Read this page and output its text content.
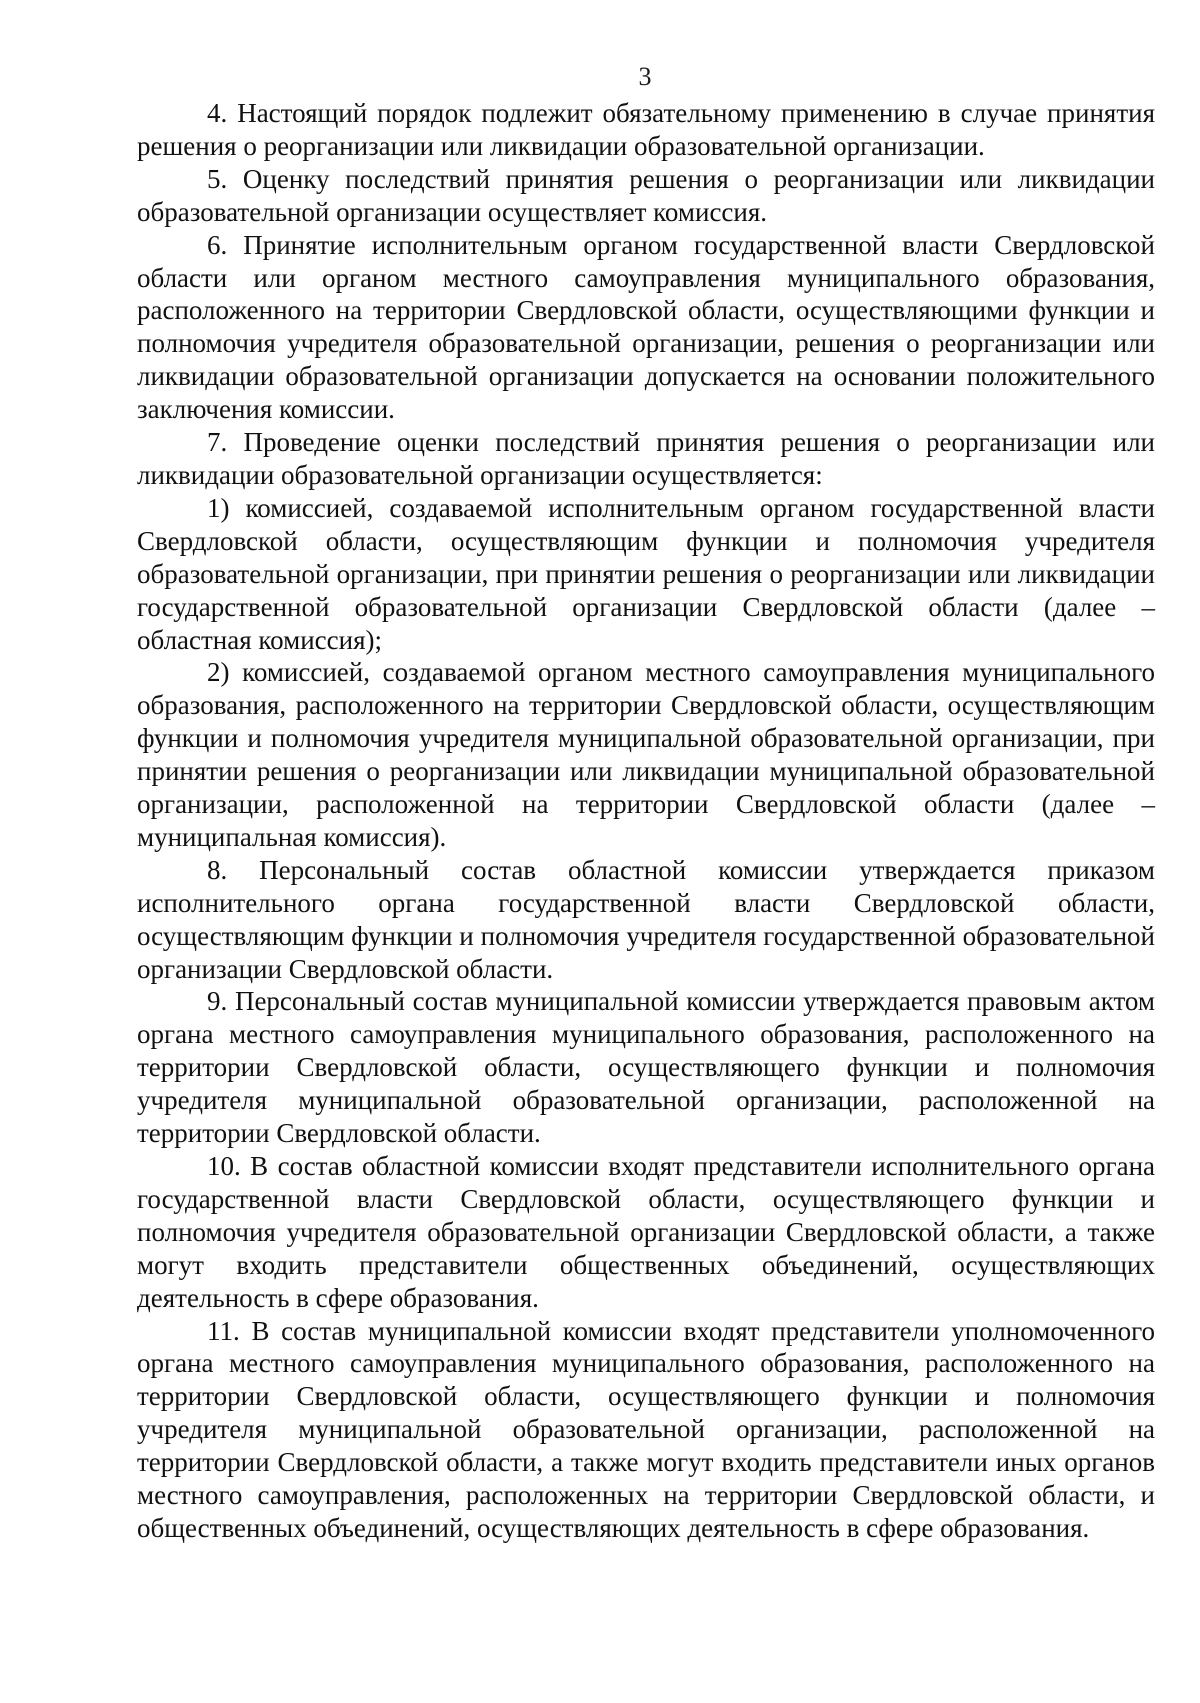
3

4. Настоящий порядок подлежит обязательному применению в случае принятия решения о реорганизации или ликвидации образовательной организации.

5. Оценку последствий принятия решения о реорганизации или ликвидации образовательной организации осуществляет комиссия.

6. Принятие исполнительным органом государственной власти Свердловской области или органом местного самоуправления муниципального образования, расположенного на территории Свердловской области, осуществляющими функции и полномочия учредителя образовательной организации, решения о реорганизации или ликвидации образовательной организации допускается на основании положительного заключения комиссии.

7. Проведение оценки последствий принятия решения о реорганизации или ликвидации образовательной организации осуществляется:

1) комиссией, создаваемой исполнительным органом государственной власти Свердловской области, осуществляющим функции и полномочия учредителя образовательной организации, при принятии решения о реорганизации или ликвидации государственной образовательной организации Свердловской области (далее – областная комиссия);

2) комиссией, создаваемой органом местного самоуправления муниципального образования, расположенного на территории Свердловской области, осуществляющим функции и полномочия учредителя муниципальной образовательной организации, при принятии решения о реорганизации или ликвидации муниципальной образовательной организации, расположенной на территории Свердловской области (далее – муниципальная комиссия).

8. Персональный состав областной комиссии утверждается приказом исполнительного органа государственной власти Свердловской области, осуществляющим функции и полномочия учредителя государственной образовательной организации Свердловской области.

9. Персональный состав муниципальной комиссии утверждается правовым актом органа местного самоуправления муниципального образования, расположенного на территории Свердловской области, осуществляющего функции и полномочия учредителя муниципальной образовательной организации, расположенной на территории Свердловской области.

10. В состав областной комиссии входят представители исполнительного органа государственной власти Свердловской области, осуществляющего функции и полномочия учредителя образовательной организации Свердловской области, а также могут входить представители общественных объединений, осуществляющих деятельность в сфере образования.

11. В состав муниципальной комиссии входят представители уполномоченного органа местного самоуправления муниципального образования, расположенного на территории Свердловской области, осуществляющего функции и полномочия учредителя муниципальной образовательной организации, расположенной на территории Свердловской области, а также могут входить представители иных органов местного самоуправления, расположенных на территории Свердловской области, и общественных объединений, осуществляющих деятельность в сфере образования.
